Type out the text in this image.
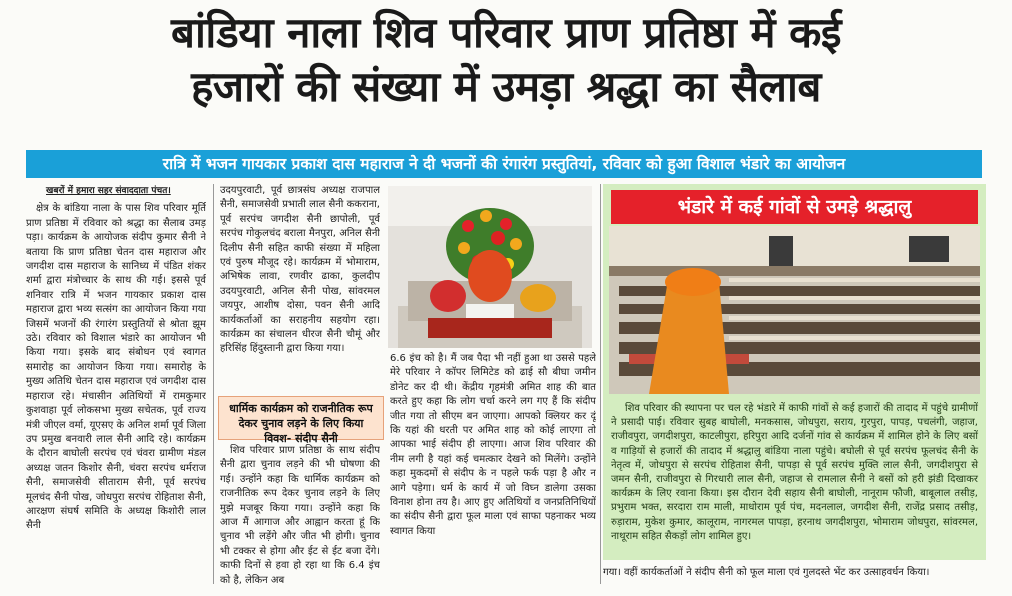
बांडिया नाला शिव परिवार प्राण प्रतिष्ठा में कई
हजारों की संख्या में उमड़ा श्रद्धा का सैलाब
रात्रि में भजन गायकार प्रकाश दास महाराज ने दी भजनों की रंगारंग प्रस्तुतियां, रविवार को हुआ विशाल भंडारे का आयोजन

खबरों में हमारा सहर संवाददाता पंचत।

क्षेत्र के बांडिया नाला के पास शिव परिवार मूर्ति प्राण प्रतिष्ठा में रविवार को श्रद्धा का सैलाब उमड़ पड़ा। कार्यक्रम के आयोजक संदीप कुमार सैनी ने बताया कि प्राण प्रतिष्ठा चेतन दास महाराज और जगदीश दास महाराज के सानिध्य में पंडित शंकर शर्मा द्वारा मंत्रोच्चार के साथ की गई। इससे पूर्व शनिवार रात्रि में भजन गायकार प्रकाश दास महाराज द्वारा भव्य सत्संग का आयोजन किया गया जिसमें भजनों की रंगारंग प्रस्तुतियों से श्रोता झूम उठे। रविवार को विशाल भंडारे का आयोजन भी किया गया। इसके बाद संबोधन एवं स्वागत समारोह का आयोजन किया गया। समारोह के मुख्य अतिथि चेतन दास महाराज एवं जगदीश दास महाराज रहे। मंचासीन अतिथियों में रामकुमार कुशवाहा पूर्व लोकसभा मुख्य सचेतक, पूर्व राज्य मंत्री जीएल वर्मा, यूएसए के अनिल शर्मा पूर्व जिला उप प्रमुख बनवारी लाल सैनी आदि रहे। कार्यक्रम के दौरान बाघोली सरपंच एवं चंवरा ग्रामीण मंडल अध्यक्ष जतन किशोर सैनी, चंवरा सरपंच धर्मराज सैनी, समाजसेवी सीताराम सैनी, पूर्व सरपंच मूलचंद सैनी पोख, जोधपुरा सरपंच रोहिताश सैनी, आरक्षण संघर्ष समिति के अध्यक्ष किशोरी लाल सैनी

उदयपुरवाटी, पूर्व छात्रसंघ अध्यक्ष राजपाल सैनी, समाजसेवी प्रभाती लाल सैनी ककराना, पूर्व सरपंच जगदीश सैनी छापोली, पूर्व सरपंच गोकुलचंद बराला मैनपुरा, अनिल सैनी दिलीप सैनी सहित काफी संख्या में महिला एवं पुरुष मौजूद रहे। कार्यक्रम में भोमाराम, अभिषेक लावा, रणवीर ढाका, कुलदीप उदयपुरवाटी, अनिल सैनी पोख, सांवरमल जयपुर, आशीष दोसा, पवन सैनी आदि कार्यकर्ताओं का सराहनीय सहयोग रहा। कार्यक्रम का संचालन धीरज सैनी चौमूं और हरिसिंह हिंदुस्तानी द्वारा किया गया।

धार्मिक कार्यक्रम को राजनीतिक रूप देकर चुनाव लड़ने के लिए किया विवश- संदीप सैनी

शिव परिवार प्राण प्रतिष्ठा के साथ संदीप सैनी द्वारा चुनाव लड़ने की भी घोषणा की गई। उन्होंने कहा कि धार्मिक कार्यक्रम को राजनीतिक रूप देकर चुनाव लड़ने के लिए मुझे मजबूर किया गया। उन्होंने कहा कि आज मैं आगाज और आह्वान करता हूं कि चुनाव भी लड़ेंगे और जीत भी होगी। चुनाव भी टक्कर से होगा और ईट से ईट बजा देंगे। काफी दिनों से हवा हो रहा था कि 6.4 इंच को है, लेकिन अब

6.6 इंच को है। मैं जब पैदा भी नहीं हुआ था उससे पहले मेरे परिवार ने कॉपर लिमिटेड को ढाई सौ बीघा जमीन डोनेट कर दी थी। केंद्रीय गृहमंत्री अमित शाह की बात करते हुए कहा कि लोग चर्चा करने लग गए हैं कि संदीप जीत गया तो सीएम बन जाएगा। आपको क्लियर कर दूं कि यहां की धरती पर अमित शाह को कोई लाएगा तो आपका भाई संदीप ही लाएगा। आज शिव परिवार की नीम लगी है यहां कई चमत्कार देखने को मिलेंगे। उन्होंने कहा मुकदमों से संदीप के न पहले फर्क पड़ा है और न आगे पड़ेगा। धर्म के कार्य में जो विघ्न डालेगा उसका विनाश होना तय है। आए हुए अतिथियों व जनप्रतिनिधियों का संदीप सैनी द्वारा फूल माला एवं साफा पहनाकर भव्य स्वागत किया

भंडारे में कई गांवों से उमड़े श्रद्धालु

शिव परिवार की स्थापना पर चल रहे भंडारे में काफी गांवों से कई हजारों की तादाद में पहुंचे ग्रामीणों ने प्रसादी पाई। रविवार सुबह बाघोली, मनकसास, जोधपुरा, सराय, गुरपुरा, पापड़, पचलंगी, जहाज, राजीवपुरा, जगदीशपुरा, काटलीपुरा, हरिपुरा आदि दर्जनों गांव से कार्यक्रम में शामिल होने के लिए बसों व गाड़ियों से हजारों की तादाद में श्रद्धालु बांडिया नाला पहुंचे। बघोली से पूर्व सरपंच फूलचंद सैनी के नेतृत्व में, जोधपुरा से सरपंच रोहिताश सैनी, पापड़ा से पूर्व सरपंच मुक्ति लाल सैनी, जगदीशपुरा से जमन सैनी, राजीवपुरा से गिरधारी लाल सैनी, जहाज से रामलाल सैनी ने बसों को हरी झंडी दिखाकर कार्यक्रम के लिए रवाना किया। इस दौरान देवी सहाय सैनी बाघोली, नानूराम फौजी, बाबूलाल तसीड़, प्रभुराम भक्त, सरदारा राम माली, माधोराम पूर्व पंच, मदनलाल, जगदीश सैनी, राजेंद्र प्रसाद तसीड़, रुड़ाराम, मुकेश कुमार, कालूराम, नागरमल पापड़ा, हरनाथ जगदीशपुरा, भोमाराम जोधपुरा, सांवरमल, नाथूराम सहित सैकड़ों लोग शामिल हुए।

गया। वहीं कार्यकर्ताओं ने संदीप सैनी को फूल माला एवं गुलदस्ते भेंट कर उत्साहवर्धन किया।
